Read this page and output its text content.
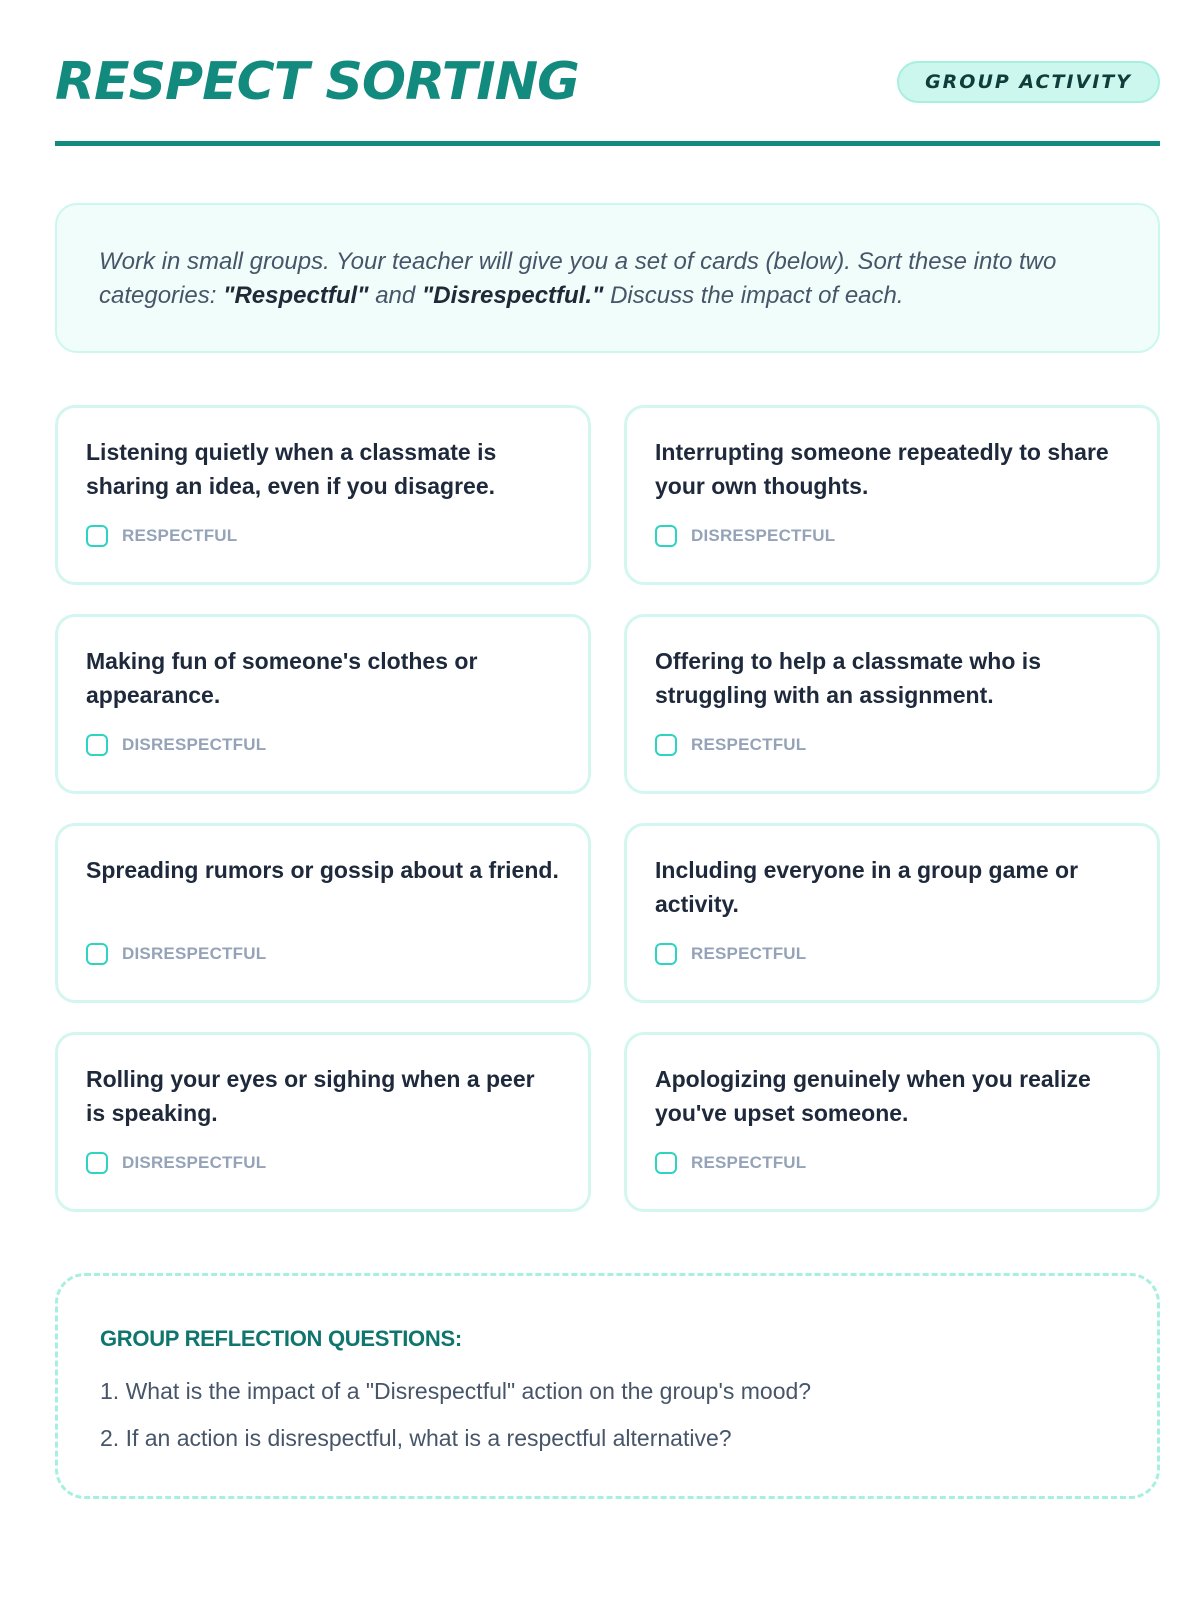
RESPECT SORTING	GROUP ACTIVITY
Work in small groups. Your teacher will give you a set of cards (below). Sort these into two categories: "Respectful" and "Disrespectful." Discuss the impact of each.
Listening quietly when a classmate is sharing an idea, even if you disagree.
RESPECTFUL
Interrupting someone repeatedly to share your own thoughts.
DISRESPECTFUL
Making fun of someone's clothes or appearance.
DISRESPECTFUL
Offering to help a classmate who is struggling with an assignment.
RESPECTFUL
Spreading rumors or gossip about a friend.
DISRESPECTFUL
Including everyone in a group game or activity.
RESPECTFUL
Rolling your eyes or sighing when a peer is speaking.
DISRESPECTFUL
Apologizing genuinely when you realize you've upset someone.
RESPECTFUL
GROUP REFLECTION QUESTIONS:

1. What is the impact of a "Disrespectful" action on the group's mood?

2. If an action is disrespectful, what is a respectful alternative?
